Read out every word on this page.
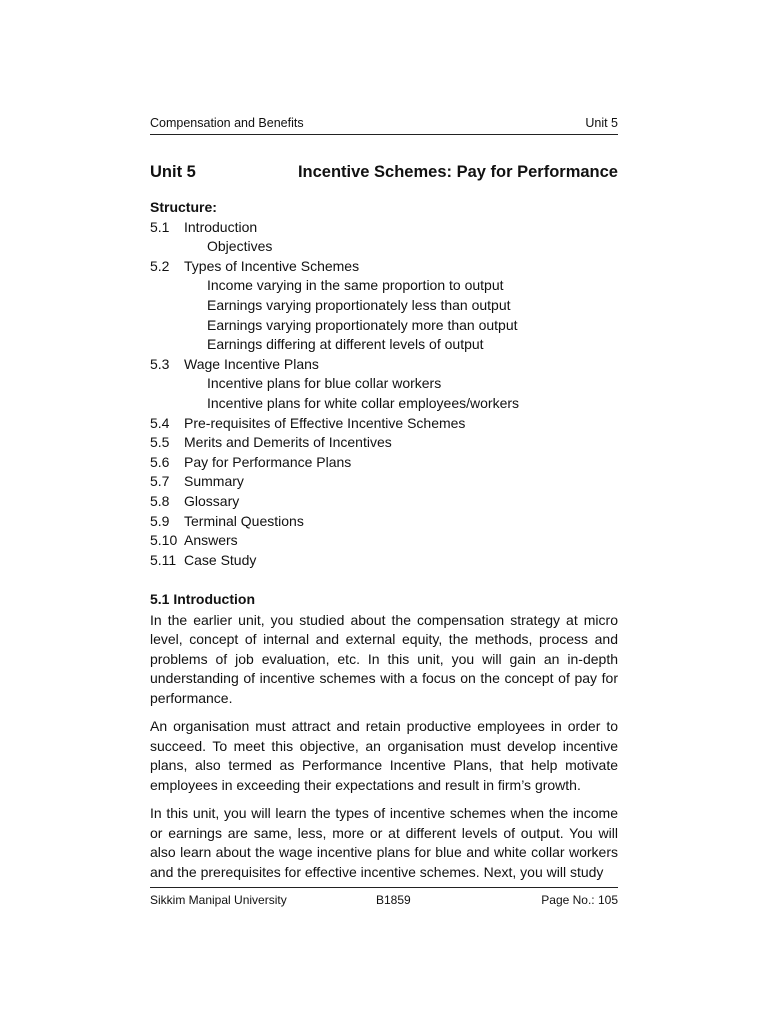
Compensation and Benefits	Unit 5
Unit 5	Incentive Schemes: Pay for Performance
Structure:
5.1	Introduction
Objectives
5.2	Types of Incentive Schemes
Income varying in the same proportion to output
Earnings varying proportionately less than output
Earnings varying proportionately more than output
Earnings differing at different levels of output
5.3	Wage Incentive Plans
Incentive plans for blue collar workers
Incentive plans for white collar employees/workers
5.4	Pre-requisites of Effective Incentive Schemes
5.5	Merits and Demerits of Incentives
5.6	Pay for Performance Plans
5.7	Summary
5.8	Glossary
5.9	Terminal Questions
5.10 Answers
5.11 Case Study
5.1 Introduction

In the earlier unit, you studied about the compensation strategy at micro level, concept of internal and external equity, the methods, process and problems of job evaluation, etc. In this unit, you will gain an in-depth understanding of incentive schemes with a focus on the concept of pay for performance.

An organisation must attract and retain productive employees in order to succeed. To meet this objective, an organisation must develop incentive plans, also termed as Performance Incentive Plans, that help motivate employees in exceeding their expectations and result in firm’s growth.

In this unit, you will learn the types of incentive schemes when the income or earnings are same, less, more or at different levels of output. You will also learn about the wage incentive plans for blue and white collar workers and the prerequisites for effective incentive schemes. Next, you will study

Sikkim Manipal University	B1859	Page No.: 105
